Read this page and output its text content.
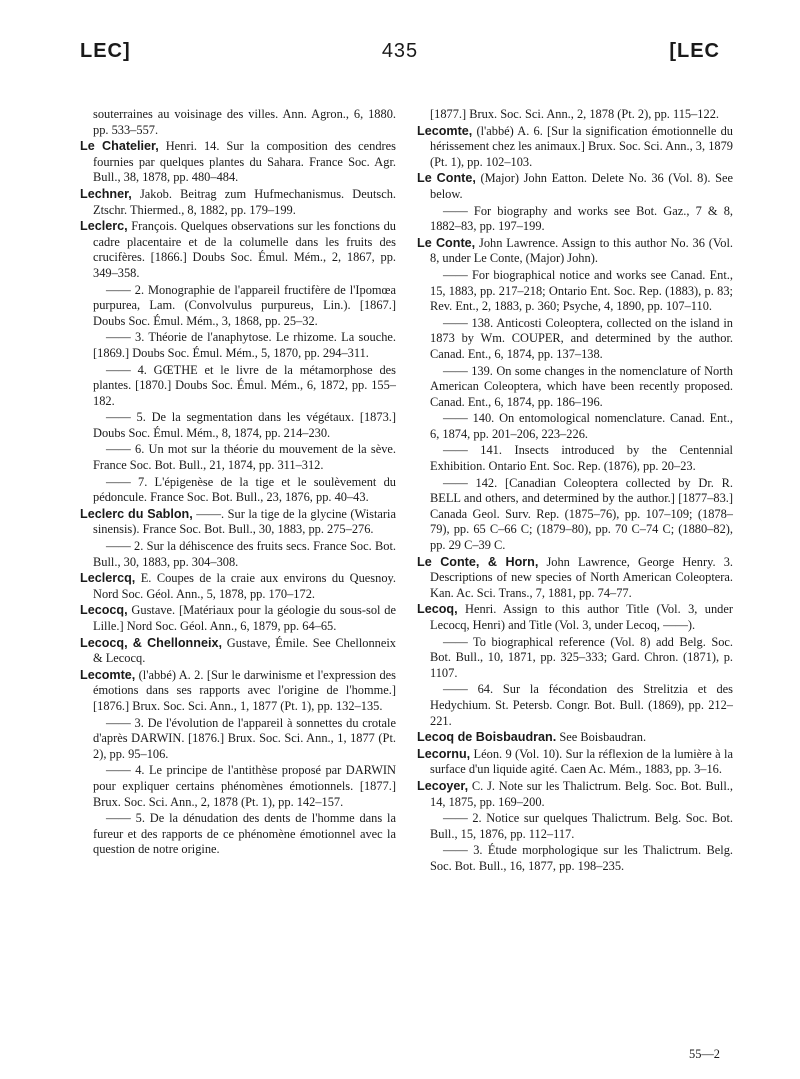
LEC]	435	[LEC

souterraines au voisinage des villes. Ann. Agron., 6, 1880. pp. 533–557.

Le Chatelier, Henri. 14. Sur la composition des cendres fournies par quelques plantes du Sahara. France Soc. Agr. Bull., 38, 1878, pp. 480–484.

Lechner, Jakob. Beitrag zum Hufmechanismus. Deutsch. Ztschr. Thiermed., 8, 1882, pp. 179–199.

Leclerc, François. Quelques observations sur les fonctions du cadre placentaire et de la columelle dans les fruits des crucifères. [1866.] Doubs Soc. Émul. Mém., 2, 1867, pp. 349–358.

—— 2. Monographie de l'appareil fructifère de l'Ipomœa purpurea, Lam. (Convolvulus purpureus, Lin.). [1867.] Doubs Soc. Émul. Mém., 3, 1868, pp. 25–32.

—— 3. Théorie de l'anaphytose. Le rhizome. La souche. [1869.] Doubs Soc. Émul. Mém., 5, 1870, pp. 294–311.

—— 4. GŒTHE et le livre de la métamorphose des plantes. [1870.] Doubs Soc. Émul. Mém., 6, 1872, pp. 155–182.

—— 5. De la segmentation dans les végétaux. [1873.] Doubs Soc. Émul. Mém., 8, 1874, pp. 214–230.

—— 6. Un mot sur la théorie du mouvement de la sève. France Soc. Bot. Bull., 21, 1874, pp. 311–312.

—— 7. L'épigenèse de la tige et le soulèvement du pédoncule. France Soc. Bot. Bull., 23, 1876, pp. 40–43.

Leclerc du Sablon, ——. Sur la tige de la glycine (Wistaria sinensis). France Soc. Bot. Bull., 30, 1883, pp. 275–276.

—— 2. Sur la déhiscence des fruits secs. France Soc. Bot. Bull., 30, 1883, pp. 304–308.

Leclercq, E. Coupes de la craie aux environs du Quesnoy. Nord Soc. Géol. Ann., 5, 1878, pp. 170–172.

Lecocq, Gustave. [Matériaux pour la géologie du sous-sol de Lille.] Nord Soc. Géol. Ann., 6, 1879, pp. 64–65.

Lecocq, & Chellonneix, Gustave, Émile. See Chellonneix & Lecocq.

Lecomte, (l'abbé) A. 2. [Sur le darwinisme et l'expression des émotions dans ses rapports avec l'origine de l'homme.] [1876.] Brux. Soc. Sci. Ann., 1, 1877 (Pt. 1), pp. 132–135.

—— 3. De l'évolution de l'appareil à sonnettes du crotale d'après DARWIN. [1876.] Brux. Soc. Sci. Ann., 1, 1877 (Pt. 2), pp. 95–106.

—— 4. Le principe de l'antithèse proposé par DARWIN pour expliquer certains phénomènes émotionnels. [1877.] Brux. Soc. Sci. Ann., 2, 1878 (Pt. 1), pp. 142–157.

—— 5. De la dénudation des dents de l'homme dans la fureur et des rapports de ce phénomène émotionnel avec la question de notre origine.

[1877.] Brux. Soc. Sci. Ann., 2, 1878 (Pt. 2), pp. 115–122.

Lecomte, (l'abbé) A. 6. [Sur la signification émotionnelle du hérissement chez les animaux.] Brux. Soc. Sci. Ann., 3, 1879 (Pt. 1), pp. 102–103.

Le Conte, (Major) John Eatton. Delete No. 36 (Vol. 8). See below.

—— For biography and works see Bot. Gaz., 7 & 8, 1882–83, pp. 197–199.

Le Conte, John Lawrence. Assign to this author No. 36 (Vol. 8, under Le Conte, (Major) John).

—— For biographical notice and works see Canad. Ent., 15, 1883, pp. 217–218; Ontario Ent. Soc. Rep. (1883), p. 83; Rev. Ent., 2, 1883, p. 360; Psyche, 4, 1890, pp. 107–110.

—— 138. Anticosti Coleoptera, collected on the island in 1873 by Wm. COUPER, and determined by the author. Canad. Ent., 6, 1874, pp. 137–138.

—— 139. On some changes in the nomenclature of North American Coleoptera, which have been recently proposed. Canad. Ent., 6, 1874, pp. 186–196.

—— 140. On entomological nomenclature. Canad. Ent., 6, 1874, pp. 201–206, 223–226.

—— 141. Insects introduced by the Centennial Exhibition. Ontario Ent. Soc. Rep. (1876), pp. 20–23.

—— 142. [Canadian Coleoptera collected by Dr. R. BELL and others, and determined by the author.] [1877–83.] Canada Geol. Surv. Rep. (1875–76), pp. 107–109; (1878–79), pp. 65 C–66 C; (1879–80), pp. 70 C–74 C; (1880–82), pp. 29 C–39 C.

Le Conte, & Horn, John Lawrence, George Henry. 3. Descriptions of new species of North American Coleoptera. Kan. Ac. Sci. Trans., 7, 1881, pp. 74–77.

Lecoq, Henri. Assign to this author Title (Vol. 3, under Lecocq, Henri) and Title (Vol. 3, under Lecoq, ——).

—— To biographical reference (Vol. 8) add Belg. Soc. Bot. Bull., 10, 1871, pp. 325–333; Gard. Chron. (1871), p. 1107.

—— 64. Sur la fécondation des Strelitzia et des Hedychium. St. Petersb. Congr. Bot. Bull. (1869), pp. 212–221.

Lecoq de Boisbaudran. See Boisbaudran.

Lecornu, Léon. 9 (Vol. 10). Sur la réflexion de la lumière à la surface d'un liquide agité. Caen Ac. Mém., 1883, pp. 3–16.

Lecoyer, C. J. Note sur les Thalictrum. Belg. Soc. Bot. Bull., 14, 1875, pp. 169–200.

—— 2. Notice sur quelques Thalictrum. Belg. Soc. Bot. Bull., 15, 1876, pp. 112–117.

—— 3. Étude morphologique sur les Thalictrum. Belg. Soc. Bot. Bull., 16, 1877, pp. 198–235.

55—2
